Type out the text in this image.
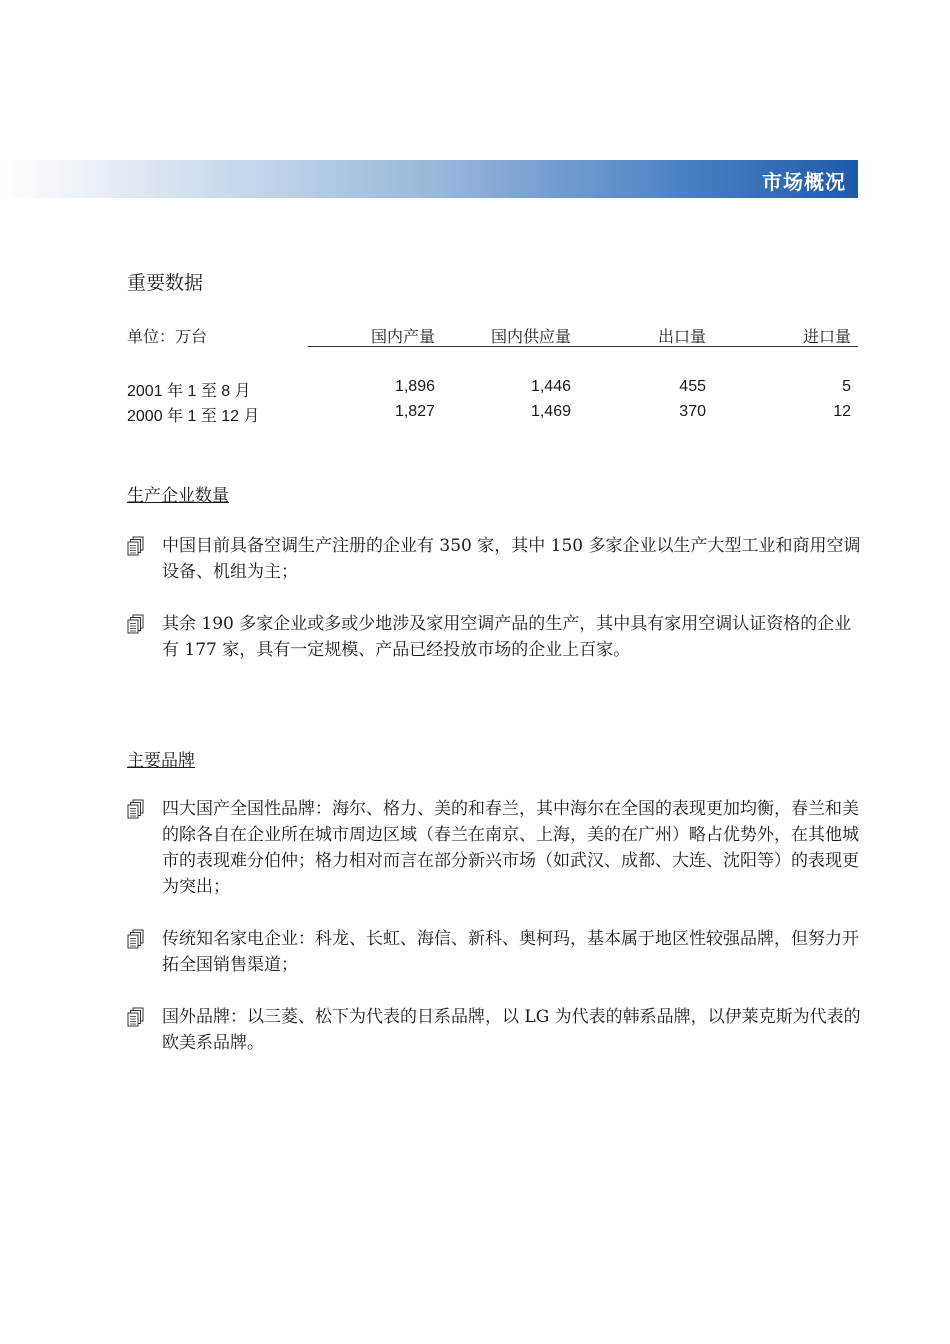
市场概况
重要数据
单位：万台	国内产量	国内供应量	出口量	进口量
2001 年 1 至 8 月	1,896	1,446	455	5
2000 年 1 至 12 月	1,827	1,469	370	12
生产企业数量
中国目前具备空调生产注册的企业有 350 家，其中 150 多家企业以生产大型工业和商用空调设备、机组为主；
其余 190 多家企业或多或少地涉及家用空调产品的生产，其中具有家用空调认证资格的企业有 177 家，具有一定规模、产品已经投放市场的企业上百家。
主要品牌
四大国产全国性品牌：海尔、格力、美的和春兰，其中海尔在全国的表现更加均衡，春兰和美的除各自在企业所在城市周边区域（春兰在南京、上海，美的在广州）略占优势外，在其他城市的表现难分伯仲；格力相对而言在部分新兴市场（如武汉、成都、大连、沈阳等）的表现更为突出；
传统知名家电企业：科龙、长虹、海信、新科、奥柯玛，基本属于地区性较强品牌，但努力开拓全国销售渠道；
国外品牌：以三菱、松下为代表的日系品牌，以 LG 为代表的韩系品牌，以伊莱克斯为代表的欧美系品牌。
